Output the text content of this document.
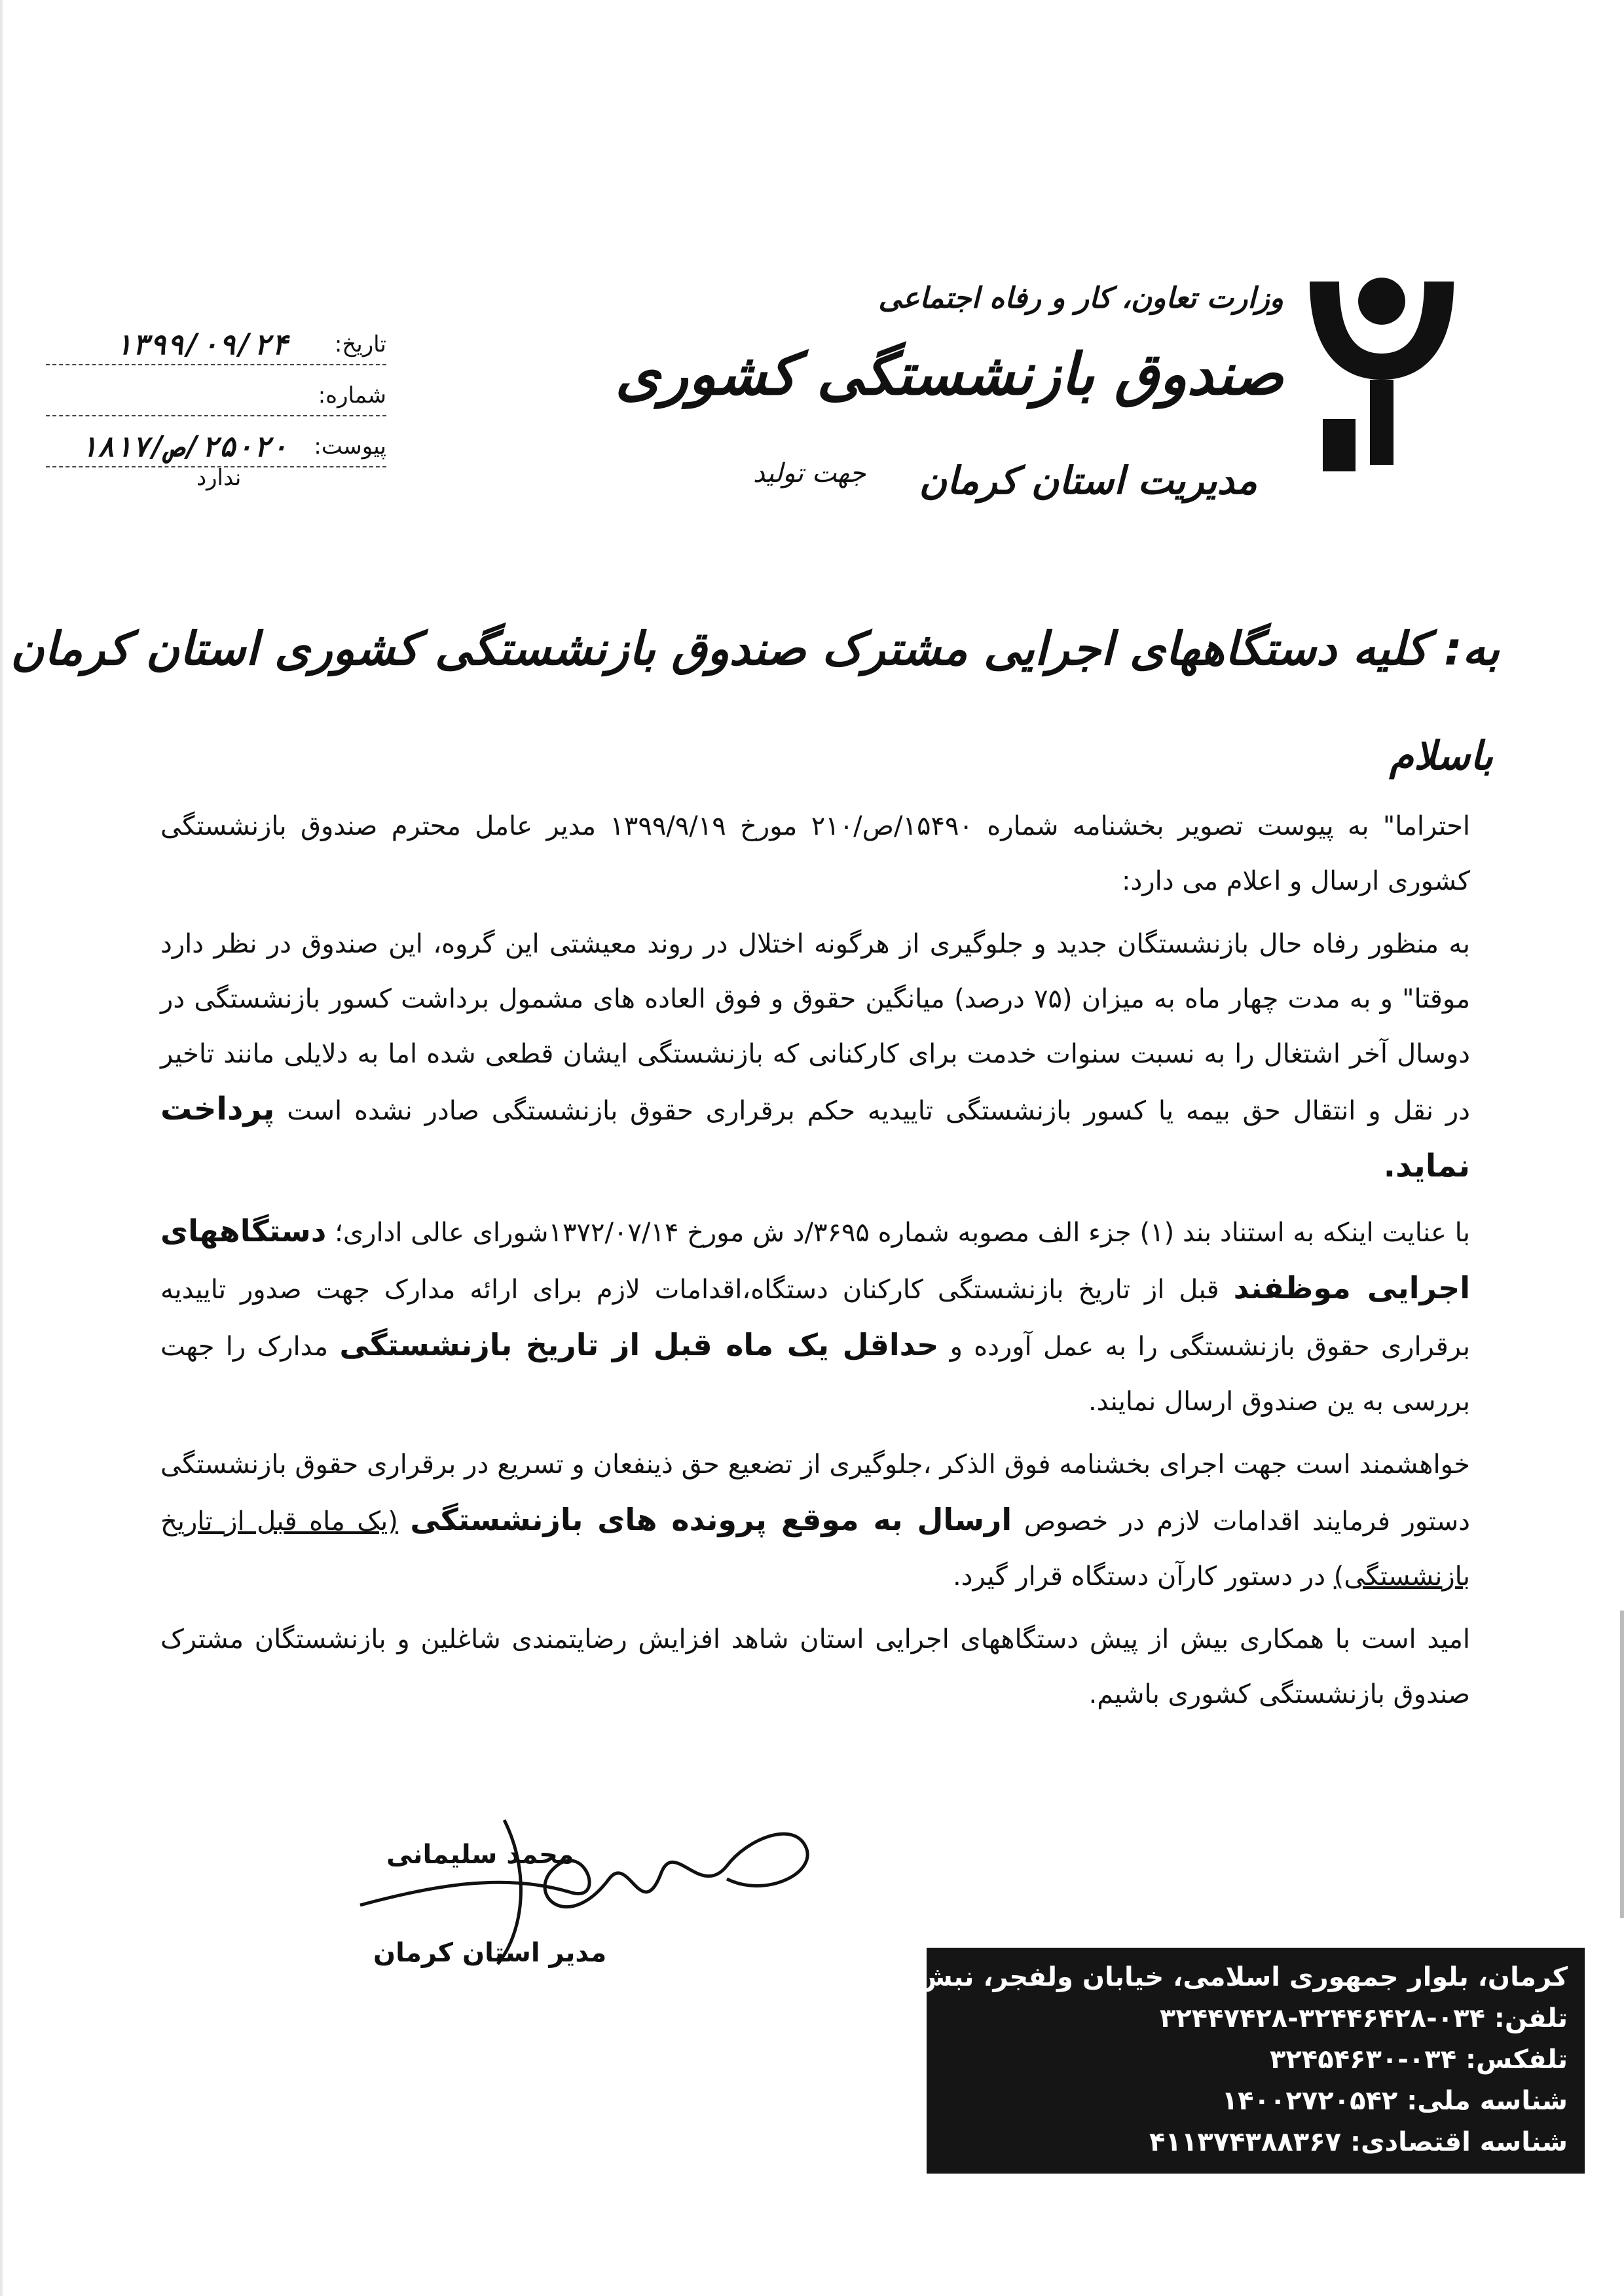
وزارت تعاون، کار و رفاه اجتماعی
صندوق بازنشستگی کشوری
مدیریت استان کرمان
جهت تولید
تاریخ:
۱۳۹۹/۰۹/۲۴
شماره:
پیوست:
۲۵۰۲۰/ص/۱۸۱۷
ندارد
به: کلیه دستگاههای اجرایی مشترک صندوق بازنشستگی کشوری استان کرمان
باسلام

احتراما" به پیوست تصویر بخشنامه شماره ۱۵۴۹۰/ص/۲۱۰ مورخ ۱۳۹۹/۹/۱۹ مدیر عامل محترم صندوق بازنشستگی کشوری ارسال و اعلام می دارد:

به منظور رفاه حال بازنشستگان جدید و جلوگیری از هرگونه اختلال در روند معیشتی این گروه، این صندوق در نظر دارد موقتا" و به مدت چهار ماه به میزان (۷۵ درصد) میانگین حقوق و فوق العاده های مشمول برداشت کسور بازنشستگی در دوسال آخر اشتغال را به نسبت سنوات خدمت برای کارکنانی که بازنشستگی ایشان قطعی شده اما به دلایلی مانند تاخیر در نقل و انتقال حق بیمه یا کسور بازنشستگی تاییدیه حکم برقراری حقوق بازنشستگی صادر نشده است پرداخت نماید.

با عنایت اینکه به استناد بند (۱) جزء الف مصوبه شماره ۳۶۹۵/د ش مورخ ۱۳۷۲/۰۷/۱۴شورای عالی اداری؛ دستگاههای اجرایی موظفند قبل از تاریخ بازنشستگی کارکنان دستگاه،اقدامات لازم برای ارائه مدارک جهت صدور تاییدیه برقراری حقوق بازنشستگی را به عمل آورده و حداقل یک ماه قبل از تاریخ بازنشستگی مدارک را جهت بررسی به ین صندوق ارسال نمایند.

خواهشمند است جهت اجرای بخشنامه فوق الذکر ،جلوگیری از تضعیع حق ذینفعان و تسریع در برقراری حقوق بازنشستگی دستور فرمایند اقدامات لازم در خصوص ارسال به موقع پرونده های بازنشستگی (یک ماه قبل از تاریخ بازنشستگی) در دستور کارآن دستگاه قرار گیرد.

امید است با همکاری بیش از پیش دستگاههای اجرایی استان شاهد افزایش رضایتمندی شاغلین و بازنشستگان مشترک صندوق بازنشستگی کشوری باشیم.

محمد سلیمانی
مدیر استان کرمان
کرمان، بلوار جمهوری اسلامی، خیابان ولفجر، نبش کوچه ۱۲
تلفن: ۰۳۴-۳۲۴۴۶۴۲۸-۳۲۴۴۷۴۲۸
تلفکس: ۰۳۴-۳۲۴۵۴۶۳۰
شناسه ملی: ۱۴۰۰۲۷۲۰۵۴۲
شناسه اقتصادی: ۴۱۱۳۷۴۳۸۸۳۶۷
